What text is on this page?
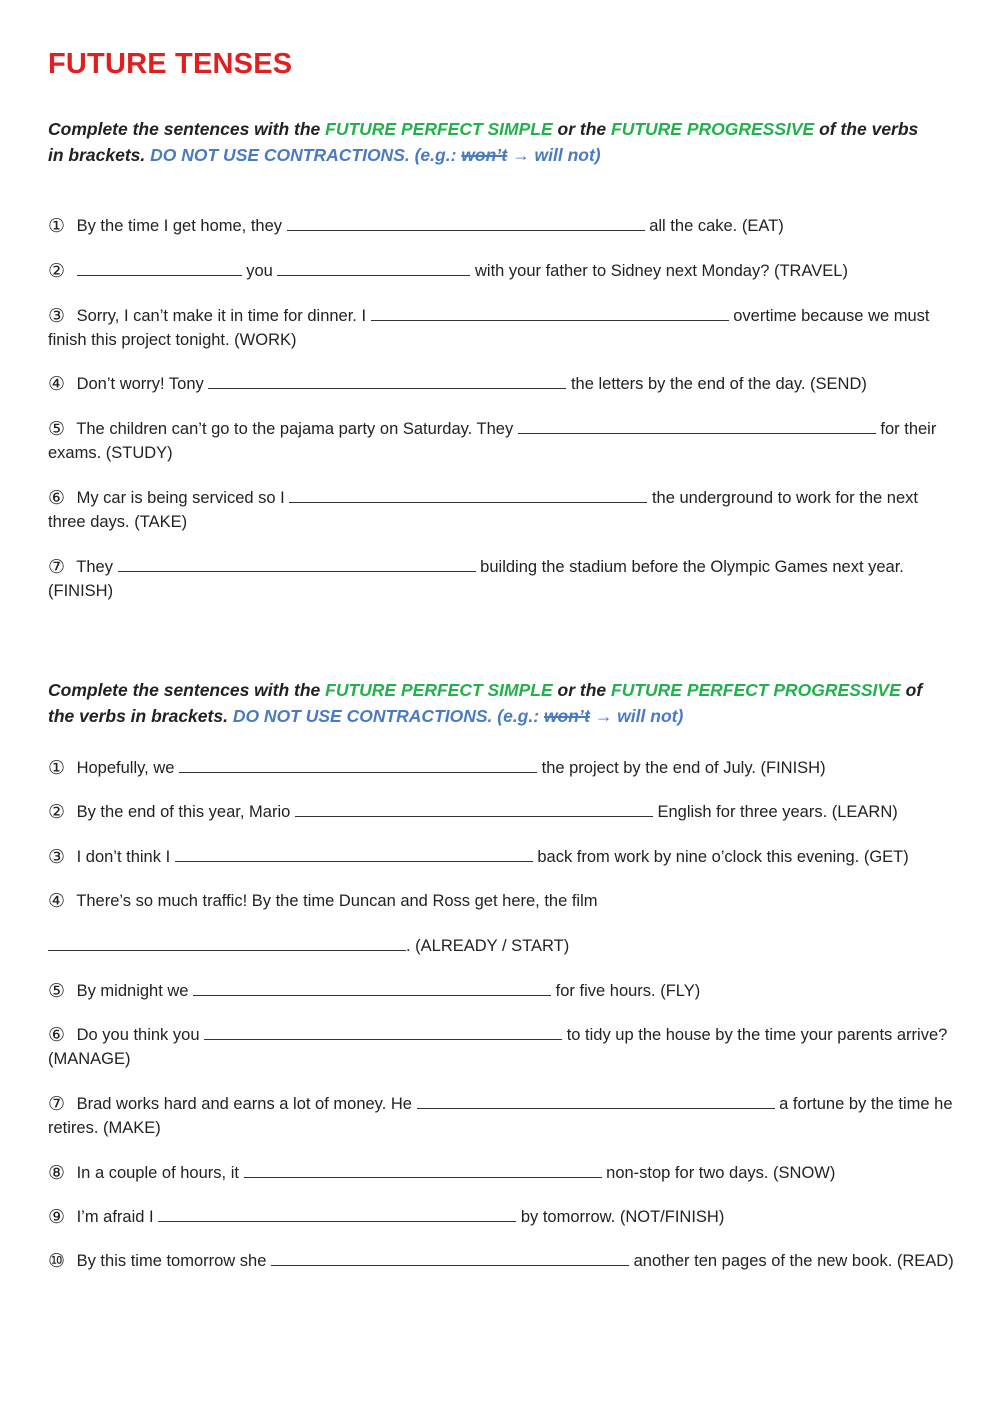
FUTURE TENSES

Complete the sentences with the FUTURE PERFECT SIMPLE or the FUTURE PROGRESSIVE of the verbs in brackets. DO NOT USE CONTRACTIONS. (e.g.: won’t → will not)

① By the time I get home, they	all the cake. (EAT)

②	you	with your father to Sidney next Monday? (TRAVEL)

③ Sorry, I can’t make it in time for dinner. I	overtime because we must finish this project tonight. (WORK)

④ Don’t worry! Tony	the letters by the end of the day. (SEND)

⑤ The children can’t go to the pajama party on Saturday. They	for their exams. (STUDY)

⑥ My car is being serviced so I	the underground to work for the next three days. (TAKE)

⑦ They	building the stadium before the Olympic Games next year. (FINISH)

Complete the sentences with the FUTURE PERFECT SIMPLE or the FUTURE PERFECT PROGRESSIVE of the verbs in brackets. DO NOT USE CONTRACTIONS. (e.g.: won’t → will not)

① Hopefully, we	the project by the end of July. (FINISH)

② By the end of this year, Mario	English for three years. (LEARN)

③ I don’t think I	back from work by nine o’clock this evening. (GET)

④ There’s so much traffic! By the time Duncan and Ross get here, the film

. (ALREADY / START)

⑤ By midnight we	for five hours. (FLY)

⑥ Do you think you	to tidy up the house by the time your parents arrive? (MANAGE)

⑦ Brad works hard and earns a lot of money. He	a fortune by the time he retires. (MAKE)

⑧ In a couple of hours, it	non-stop for two days. (SNOW)

⑨ I’m afraid I	by tomorrow. (NOT/FINISH)

⑩ By this time tomorrow she	another ten pages of the new book. (READ)
